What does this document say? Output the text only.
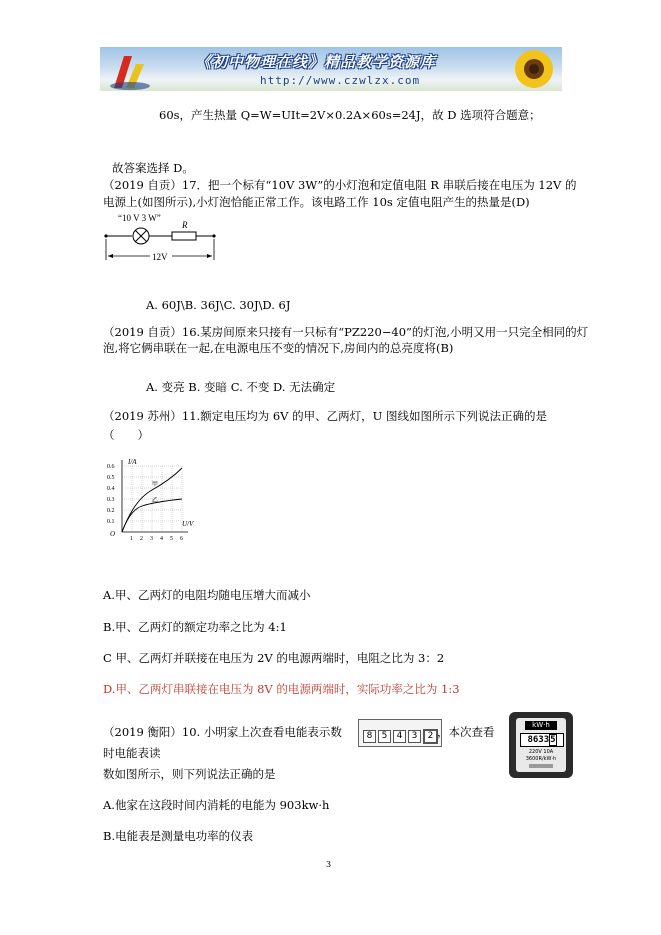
《初中物理在线》精品教学资源库
http://www.czwlzx.com
60s，产生热量 Q=W=UIt=2V×0.2A×60s=24J，故 D 选项符合题意；
故答案选择 D。
（2019 自贡）17．把一个标有“10V 3W”的小灯泡和定值电阻 R 串联后接在电压为 12V 的
电源上(如图所示),小灯泡恰能正常工作。该电路工作 10s 定值电阻产生的热量是(D)
“10 V 3 W”
R
12V
A. 60J\B. 36J\C. 30J\D. 6J
（2019 自贡）16.某房间原来只接有一只标有“PZ220−40”的灯泡,小明又用一只完全相同的灯
泡,将它俩串联在一起,在电源电压不变的情况下,房间内的总亮度将(B)
A. 变亮 B. 变暗 C. 不变 D. 无法确定
（2019 苏州）11.额定电压均为 6V 的甲、乙两灯，U 图线如图所示下列说法正确的是
（　　）
I/A
U/V
O
0.6
0.5
0.4
0.3
0.2
0.1
1 2 3 4 5 6
甲
乙
A.甲、乙两灯的电阻均随电压增大而减小
B.甲、乙两灯的额定功率之比为 4:1
C 甲、乙两灯并联接在电压为 2V 的电源两端时，电阻之比为 3：2
D.甲、乙两灯串联接在电压为 8V 的电源两端时，实际功率之比为 1:3
（2019 衡阳）10. 小明家上次查看电能表示数	8 5 4 3 2 ，本次查看
时电能表读
数如图所示，则下列说法正确的是
kW·h
86335
220V 10A
3600R/kW·h
A.他家在这段时间内消耗的电能为 903kw·h
B.电能表是测量电功率的仪表
3
